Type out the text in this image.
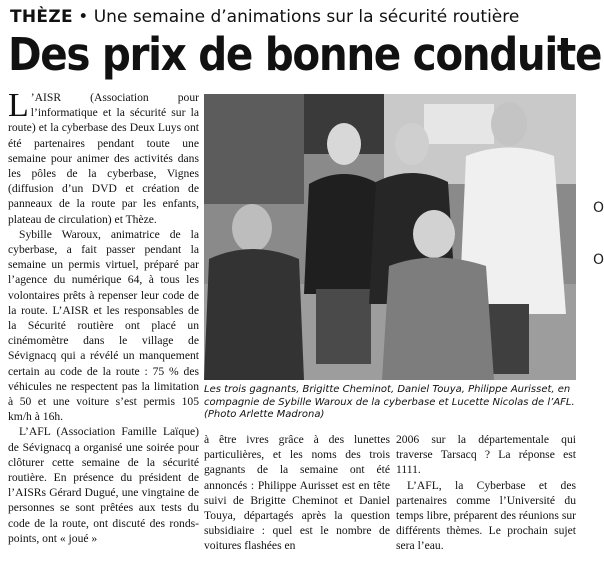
THÈZE • Une semaine d’animations sur la sécurité routière
Des prix de bonne conduite

L ’AISR (Association pour l’informatique et la sécurité sur la route) et la cyberbase des Deux Luys ont été partenaires pendant toute une semaine pour animer des activités dans les pôles de la cyberbase, Vignes (diffusion d’un DVD et création de panneaux de la route par les enfants, plateau de circulation) et Thèze.

Sybille Waroux, animatrice de la cyberbase, a fait passer pendant la semaine un permis virtuel, préparé par l’agence du numérique 64, à tous les volontaires prêts à repenser leur code de la route. L’AISR et les responsables de la Sécurité routière ont placé un cinémomètre dans le village de Sévignacq qui a révélé un manquement certain au code de la route : 75 % des véhicules ne respectent pas la limitation à 50 et une voiture s’est permis 105 km/h à 16h.

L’AFL (Association Famille Laïque) de Sévignacq a organisé une soirée pour clôturer cette semaine de la sécurité routière. En présence du président de l’AISRs Gérard Dugué, une vingtaine de personnes se sont prêtées aux tests du code de la route, ont discuté des ronds-points, ont « joué »

Les trois gagnants, Brigitte Cheminot, Daniel Touya, Philippe Aurisset, en compagnie de Sybille Waroux de la cyberbase et Lucette Nicolas de l’AFL. (Photo Arlette Madrona)

à être ivres grâce à des lunettes particulières, et les noms des trois gagnants de la semaine ont été annoncés : Philippe Aurisset est en tête suivi de Brigitte Cheminot et Daniel Touya, départagés après la question subsidiaire : quel est le nombre de voitures flashées en

2006 sur la départementale qui traverse Tarsacq ? La réponse est 1111.

L’AFL, la Cyberbase et des partenaires comme l’Université du temps libre, préparent des réunions sur différents thèmes. Le prochain sujet sera l’eau.

O
O
